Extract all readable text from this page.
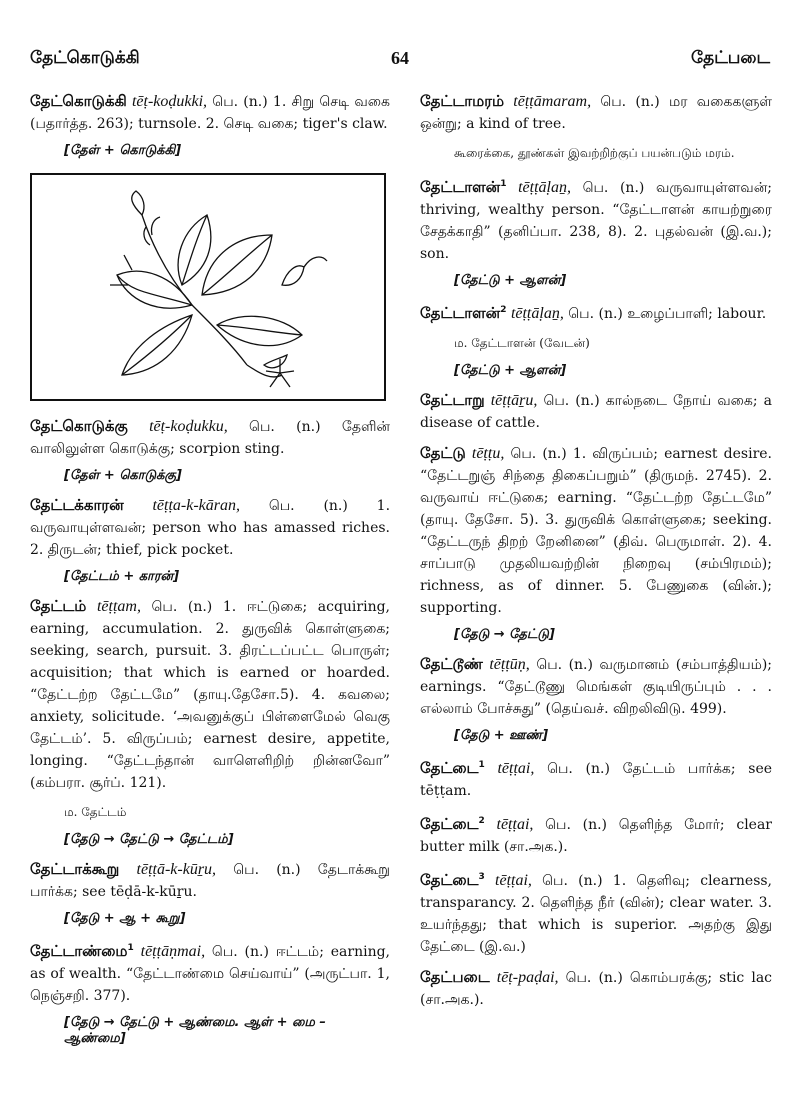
தேட்கொடுக்கி	64	தேட்படை
தேட்கொடுக்கி tēṭ-koḍukki, பெ. (n.) 1. சிறு செடி வகை (பதார்த்த. 263); turnsole. 2. செடி வகை; tiger's claw.
[தேள் + கொடுக்கி]
தேட்கொடுக்கு tēṭ-koḍukku, பெ. (n.) தேளின் வாலிலுள்ள கொடுக்கு; scorpion sting.
[தேள் + கொடுக்கு]
தேட்டக்காரன் tēṭṭa-k-kāran, பெ. (n.) 1. வருவாயுள்ளவன்; person who has amassed riches. 2. திருடன்; thief, pick pocket.
[தேட்டம் + காரன்]
தேட்டம் tēṭṭam, பெ. (n.) 1. ஈட்டுகை; acquiring, earning, accumulation. 2. துருவிக் கொள்ளுகை; seeking, search, pursuit. 3. திரட்டப்பட்ட பொருள்; acquisition; that which is earned or hoarded. “தேட்டற்ற தேட்டமே” (தாயு.தேசோ.5). 4. கவலை; anxiety, solicitude. ‘அவனுக்குப் பிள்ளைமேல் வெகு தேட்டம்’. 5. விருப்பம்; earnest desire, appetite, longing. “தேட்டந்தான் வாளெளிறிற் றின்னவோ” (கம்பரா. சூர்ப். 121).
ம. தேட்டம்
[தேடு → தேட்டு → தேட்டம்]
தேட்டாக்கூறு tēṭṭā-k-kūṟu, பெ. (n.) தேடாக்கூறு பார்க்க; see tēḍā-k-kūṟu.
[தேடு + ஆ + கூறு]
தேட்டாண்மை$^1$ tēṭṭāṇmai, பெ. (n.) ஈட்டம்; earning, as of wealth. “தேட்டாண்மை செய்வாய்” (அருட்பா. 1, நெஞ்சறி. 377).
[தேடு → தேட்டு + ஆண்மை. ஆள் + மை – ஆண்மை]
தேட்டாமரம் tēṭṭāmaram, பெ. (n.) மர வகைகளுள் ஒன்று; a kind of tree.
கூரைக்கை, தூண்கள் இவற்றிற்குப் பயன்படும் மரம்.
தேட்டாளன்$^1$ tēṭṭāḷaṉ, பெ. (n.) வருவாயுள்ளவன்; thriving, wealthy person. “தேட்டாளன் காயற்றுரை சேதக்காதி” (தனிப்பா. 238, 8). 2. புதல்வன் (இ.வ.); son.
[தேட்டு + ஆளன்]
தேட்டாளன்$^2$ tēṭṭāḷaṉ, பெ. (n.) உழைப்பாளி; labour.
ம. தேட்டாளன் (வேடன்)
[தேட்டு + ஆளன்]
தேட்டாறு tēṭṭāṟu, பெ. (n.) கால்நடை நோய் வகை; a disease of cattle.
தேட்டு tēṭṭu, பெ. (n.) 1. விருப்பம்; earnest desire. “தேட்டறுஞ் சிந்தை திகைப்பறும்” (திருமந். 2745). 2. வருவாய் ஈட்டுகை; earning. “தேட்டற்ற தேட்டமே” (தாயு. தேசோ. 5). 3. துருவிக் கொள்ளுகை; seeking. “தேட்டருந் திறற் றேனினை” (திவ். பெருமாள். 2). 4. சாப்பாடு முதலியவற்றின் நிறைவு (சம்பிரமம்); richness, as of dinner. 5. பேணுகை (வின்.); supporting.
[தேடு → தேட்டு]
தேட்டூண் tēṭṭūṇ, பெ. (n.) வருமானம் (சம்பாத்தியம்); earnings. “தேட்டூணு மெங்கள் குடியிருப்பும் . . . எல்லாம் போச்சுது” (தெய்வச். விறலிவிடு. 499).
[தேடு + ஊண்]
தேட்டை$^1$ tēṭṭai, பெ. (n.) தேட்டம் பார்க்க; see tēṭṭam.
தேட்டை$^2$ tēṭṭai, பெ. (n.) தெளிந்த மோர்; clear butter milk (சா.அக.).
தேட்டை$^3$ tēṭṭai, பெ. (n.) 1. தெளிவு; clearness, transparancy. 2. தெளிந்த நீர் (வின்); clear water. 3. உயர்ந்தது; that which is superior. அதற்கு இது தேட்டை (இ.வ.)
தேட்படை tēṭ-paḍai, பெ. (n.) கொம்பரக்கு; stic lac (சா.அக.).
